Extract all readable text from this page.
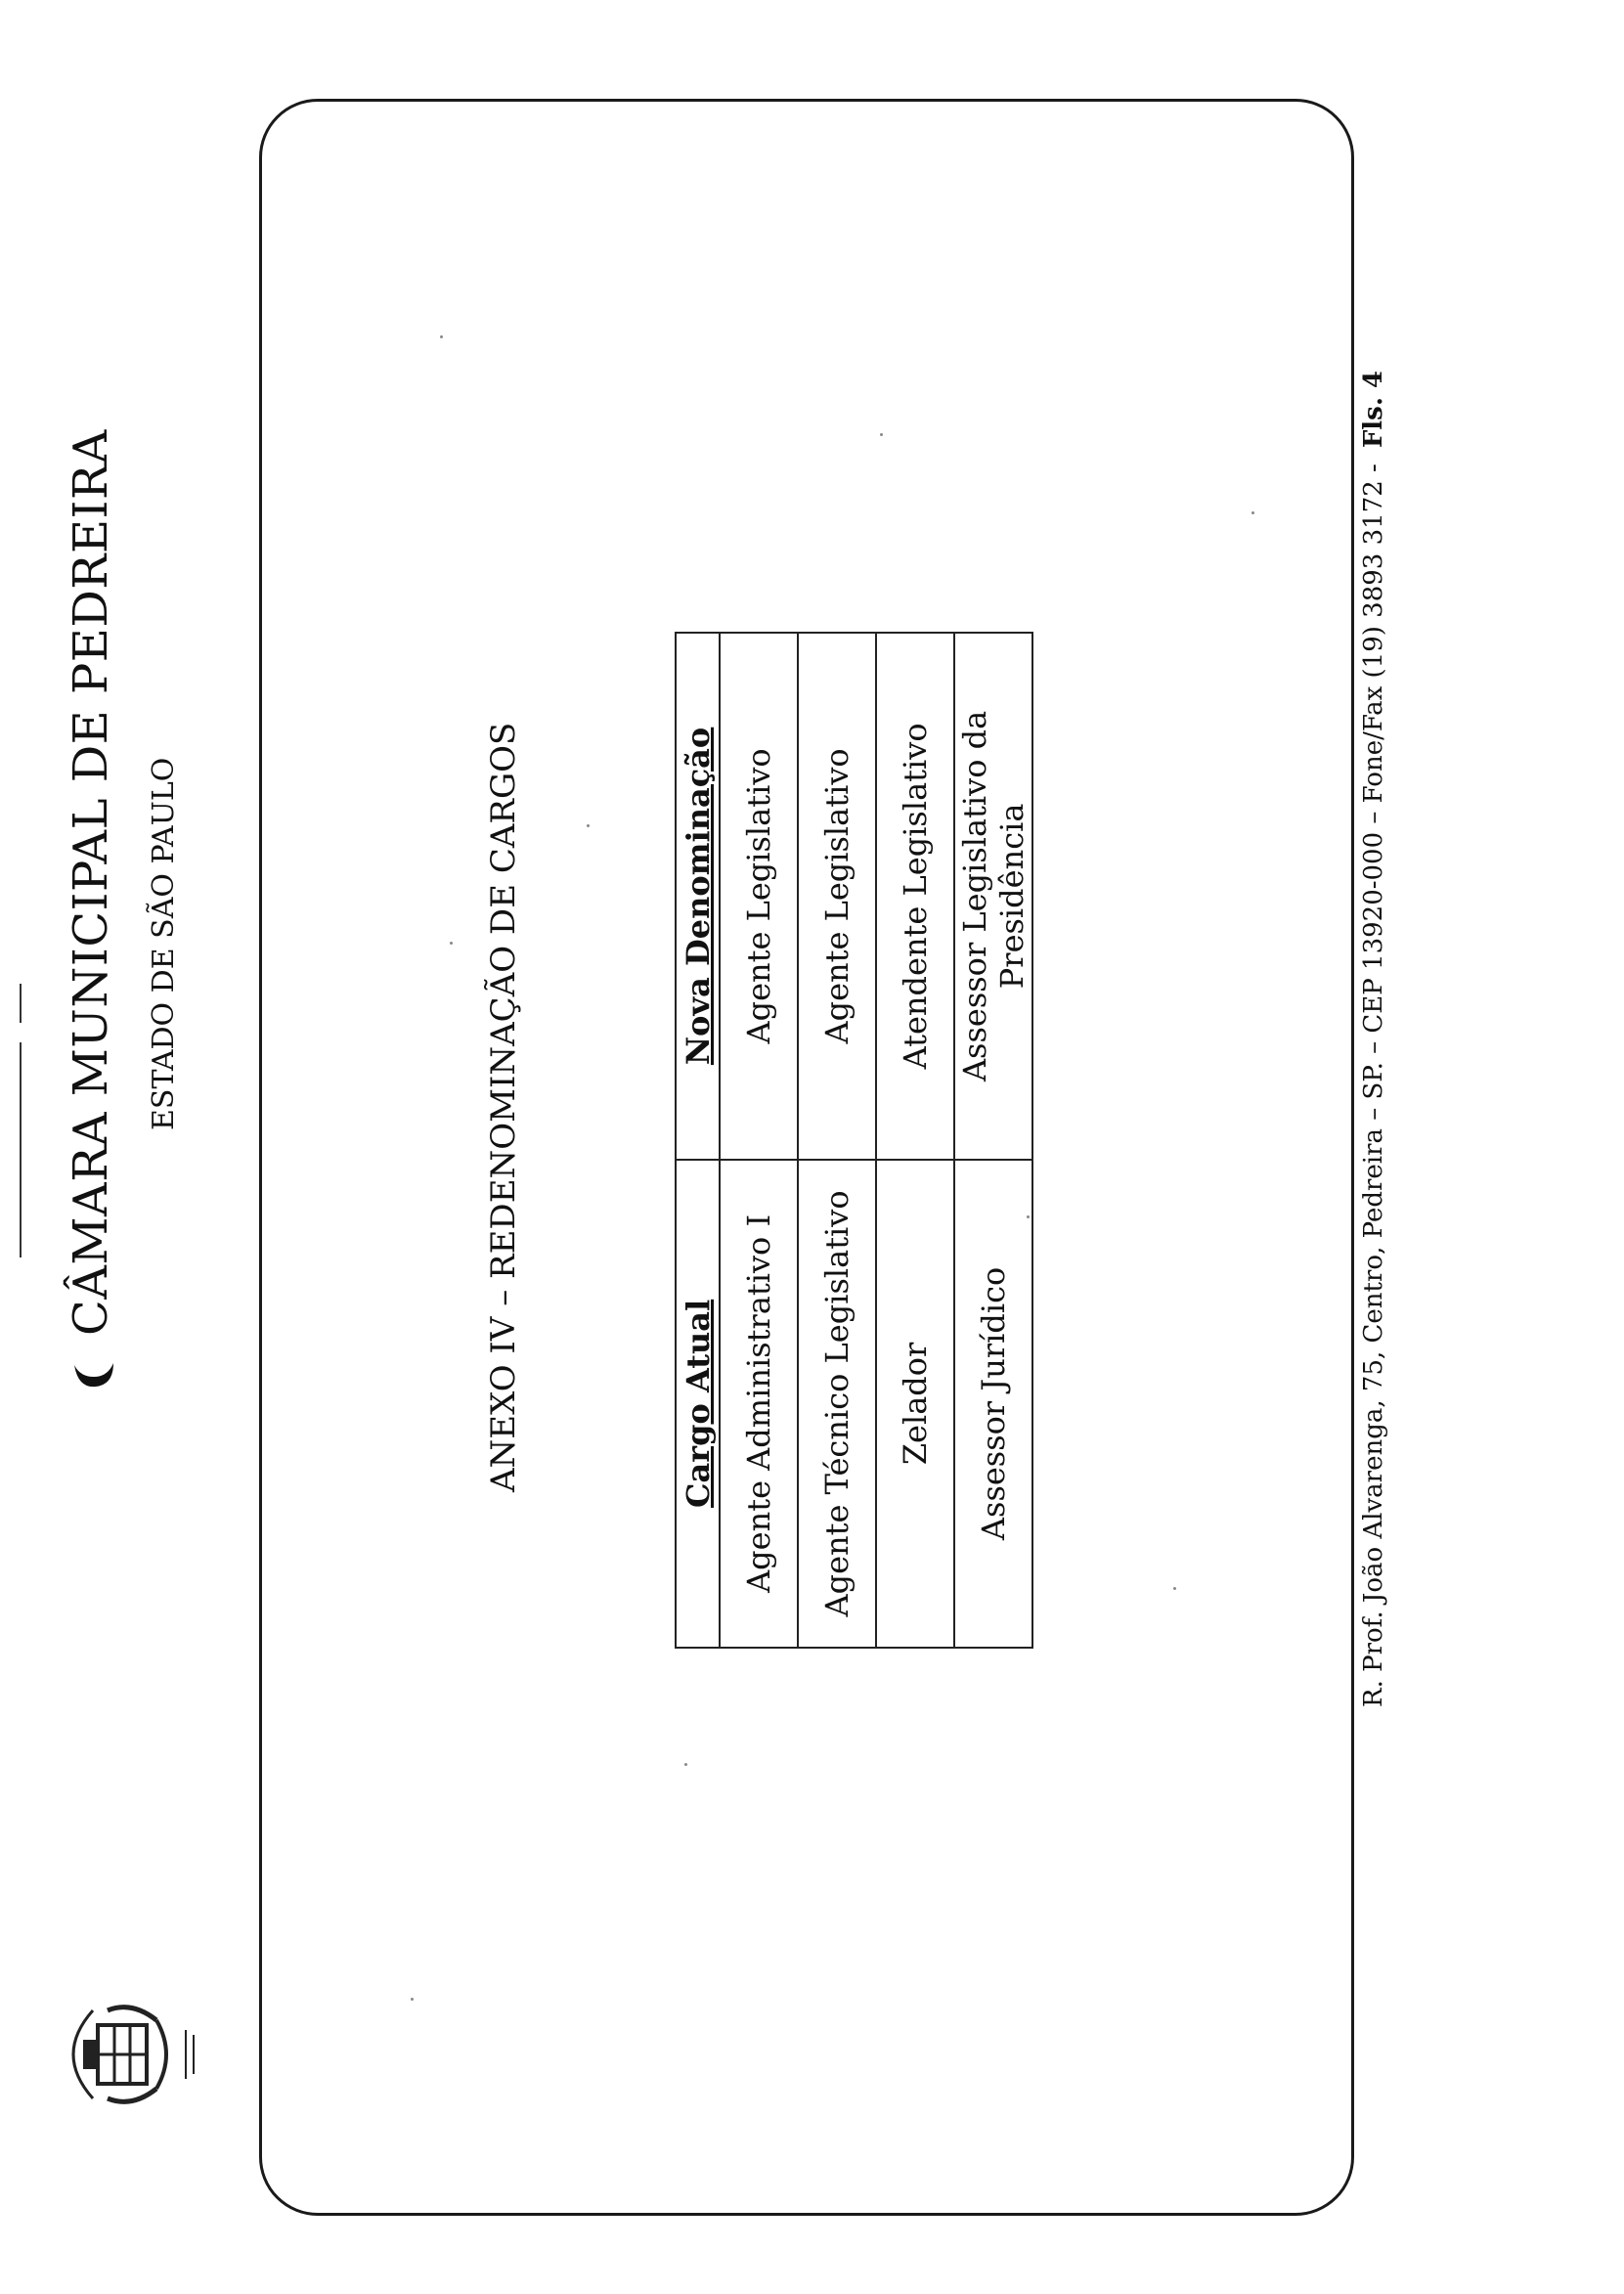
CÂMARA MUNICIPAL DE PEDREIRA ESTADO DE SÃO PAULO	ANEXO IV – REDENOMINAÇÃO DE CARGOS	Cargo Atual	Nova Denominação
Agente Administrativo I	Agente Legislativo
Agente Técnico Legislativo	Agente Legislativo
Zelador	Atendente Legislativo
Assessor Jurídico	Assessor Legislativo da Presidência	R. Prof. João Alvarenga, 75, Centro, Pedreira – SP. – CEP 13920-000 – Fone/Fax (19) 3893 3172 -Fls. 4
